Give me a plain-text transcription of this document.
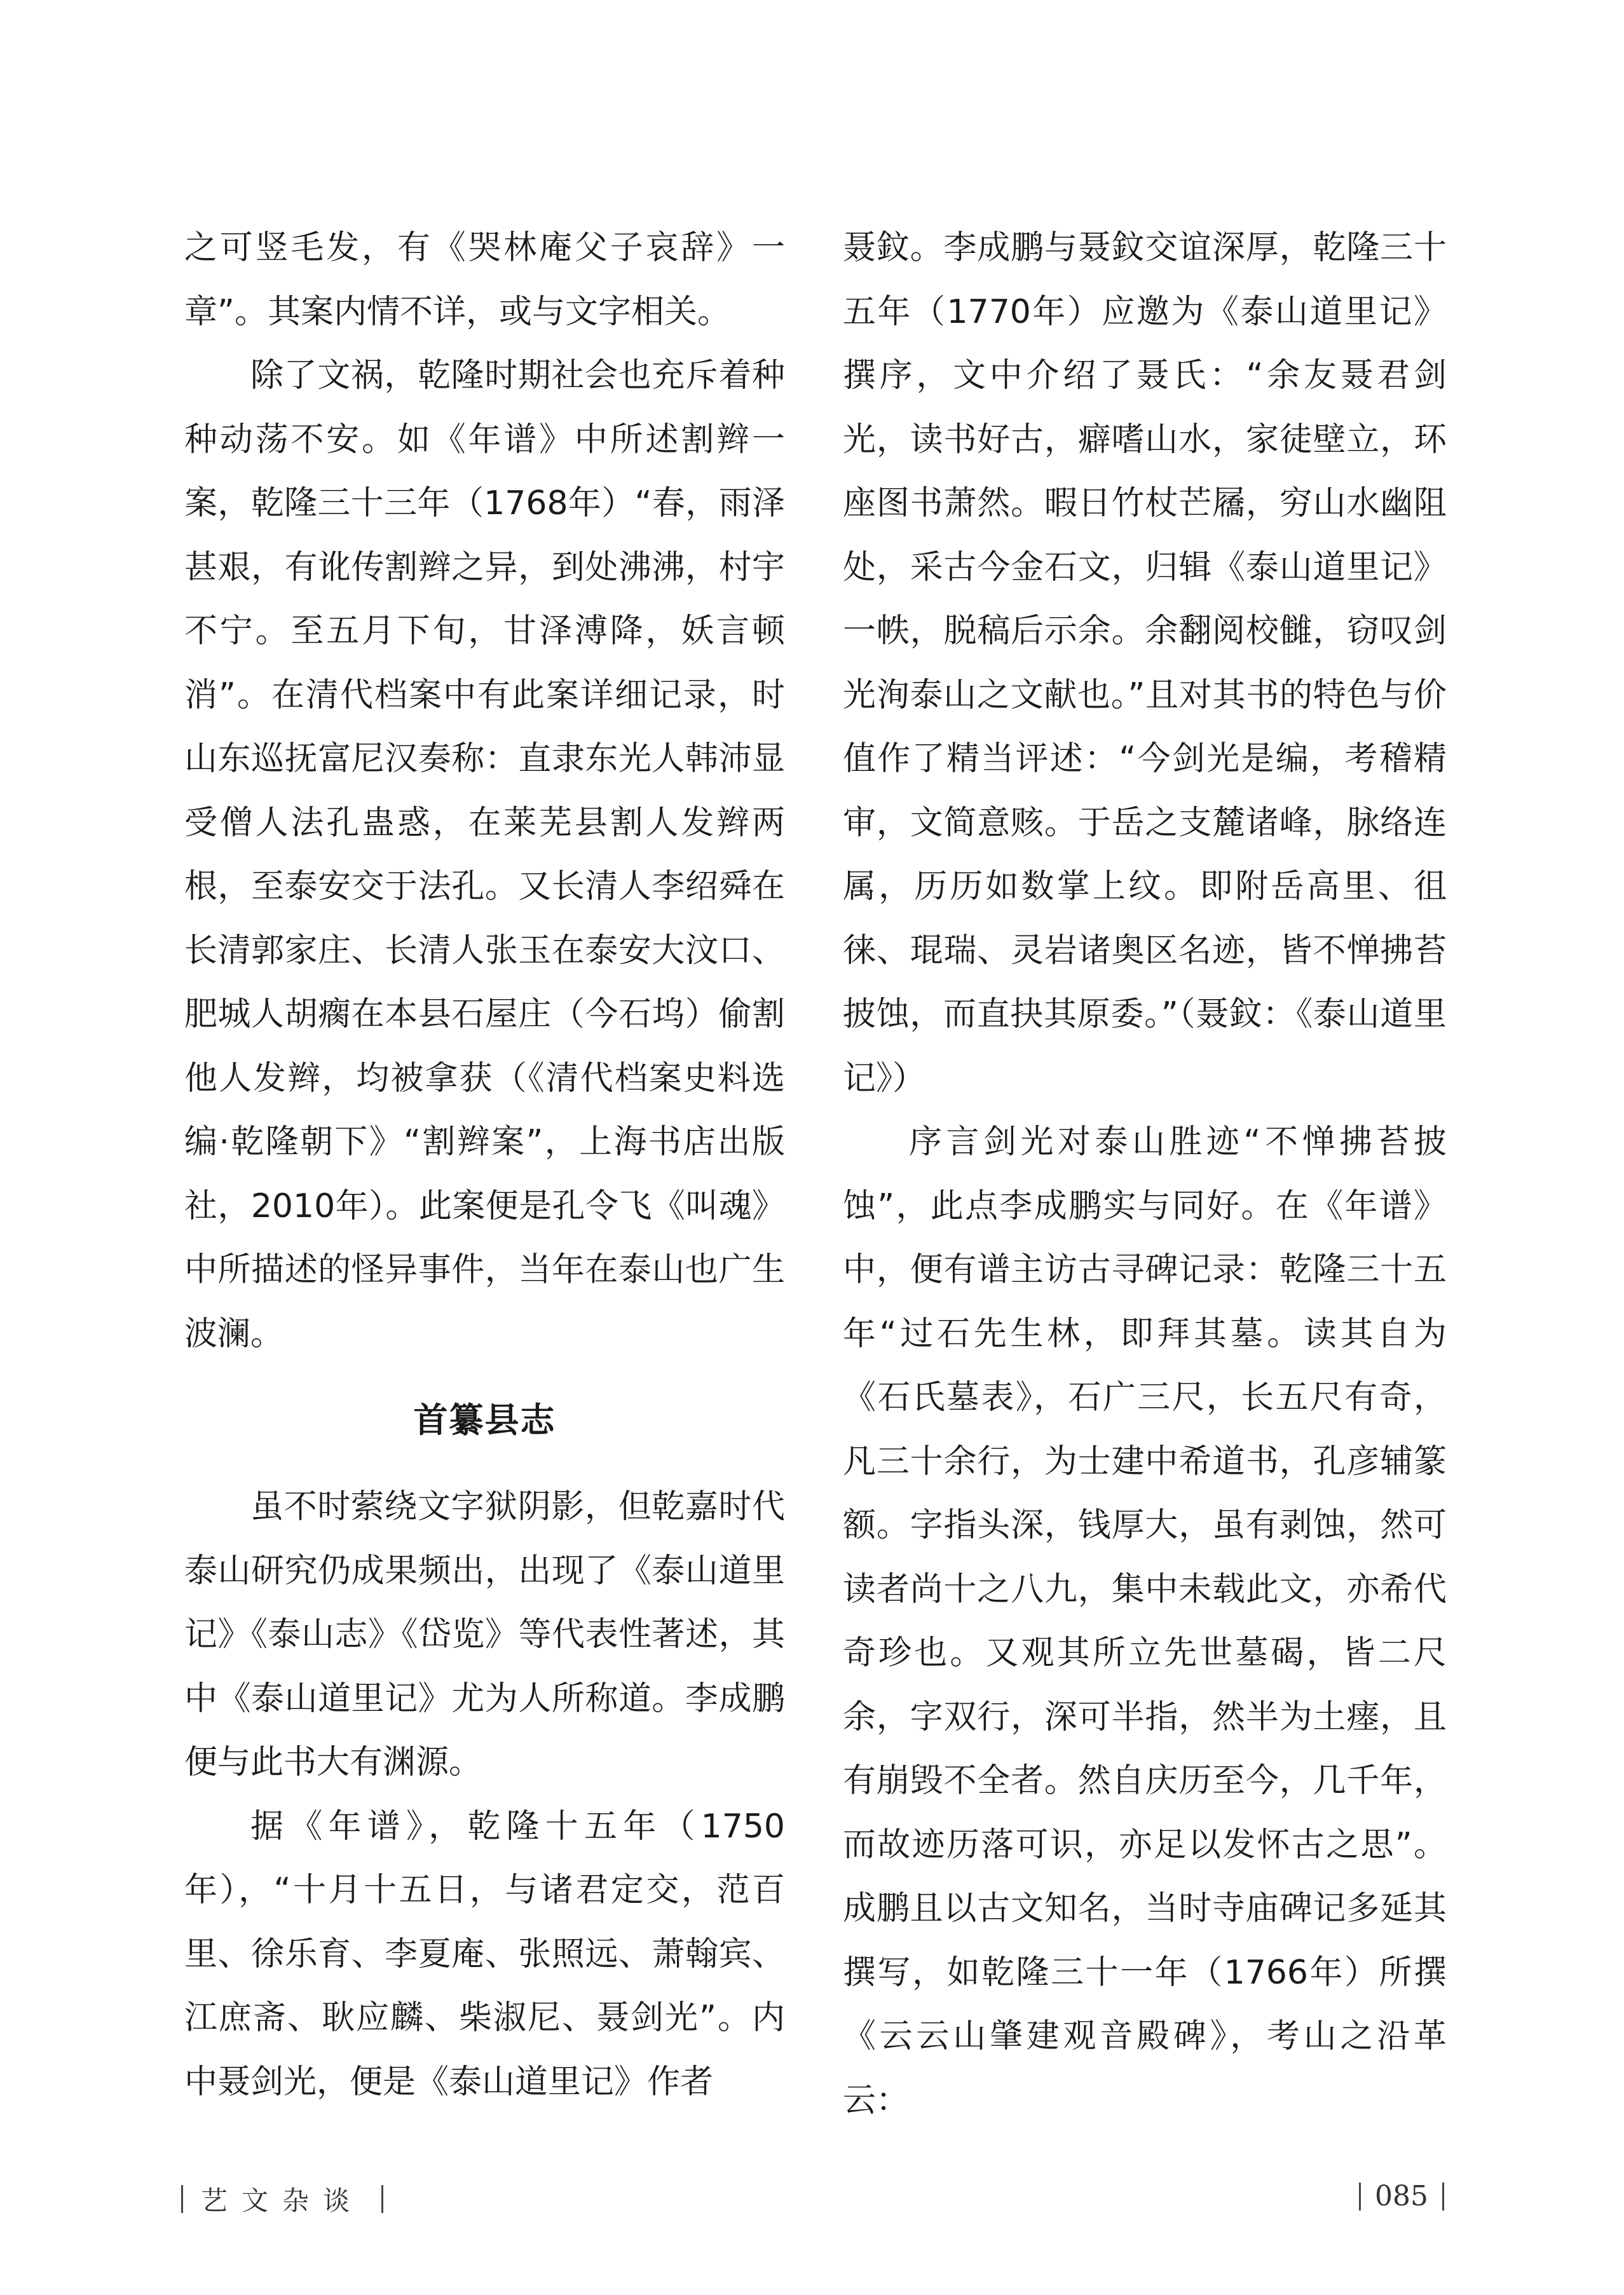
之可竖毛发，有《哭林庵父子哀辞》一章”。其案内情不详，或与文字相关。

除了文祸，乾隆时期社会也充斥着种种动荡不安。如《年谱》中所述割辫一案，乾隆三十三年（1768年）“春，雨泽甚艰，有讹传割辫之异，到处沸沸，村宇不宁。至五月下旬，甘泽溥降，妖言顿消”。在清代档案中有此案详细记录，时山东巡抚富尼汉奏称：直隶东光人韩沛显受僧人法孔蛊惑，在莱芜县割人发辫两根，至泰安交于法孔。又长清人李绍舜在长清郭家庄、长清人张玉在泰安大汶口、肥城人胡瘸在本县石屋庄（今石坞）偷割他人发辫，均被拿获（《清代档案史料选编·乾隆朝下》“割辫案”，上海书店出版社，2010年）。此案便是孔令飞《叫魂》中所描述的怪异事件，当年在泰山也广生波澜。

首纂县志

虽不时萦绕文字狱阴影，但乾嘉时代泰山研究仍成果频出，出现了《泰山道里记》《泰山志》《岱览》等代表性著述，其中《泰山道里记》尤为人所称道。李成鹏便与此书大有渊源。

据《年谱》，乾隆十五年（1750年），“十月十五日，与诸君定交，范百里、徐乐育、李夏庵、张照远、萧翰宾、江庶斋、耿应麟、柴淑尼、聂剑光”。内中聂剑光，便是《泰山道里记》作者

聂鈫。李成鹏与聂鈫交谊深厚，乾隆三十五年（1770年）应邀为《泰山道里记》撰序，文中介绍了聂氏：“余友聂君剑光，读书好古，癖嗜山水，家徒壁立，环座图书萧然。暇日竹杖芒屩，穷山水幽阻处，采古今金石文，归辑《泰山道里记》一帙，脱稿后示余。余翻阅校雠，窃叹剑光洵泰山之文献也。”且对其书的特色与价值作了精当评述：“今剑光是编，考稽精审，文简意赅。于岳之支麓诸峰，脉络连属，历历如数掌上纹。即附岳高里、徂徕、琨瑞、灵岩诸奥区名迹，皆不惮拂苔披蚀，而直抉其原委。”（聂鈫：《泰山道里记》）

序言剑光对泰山胜迹“不惮拂苔披蚀”，此点李成鹏实与同好。在《年谱》中，便有谱主访古寻碑记录：乾隆三十五年“过石先生林，即拜其墓。读其自为《石氏墓表》，石广三尺，长五尺有奇，凡三十余行，为士建中希道书，孔彦辅篆额。字指头深，钱厚大，虽有剥蚀，然可读者尚十之八九，集中未载此文，亦希代奇珍也。又观其所立先世墓碣，皆二尺余，字双行，深可半指，然半为土瘗，且有崩毁不全者。然自庆历至今，几千年，而故迹历落可识，亦足以发怀古之思”。成鹏且以古文知名，当时寺庙碑记多延其撰写，如乾隆三十一年（1766年）所撰《云云山肇建观音殿碑》，考山之沿革云：

艺文杂谈	085
